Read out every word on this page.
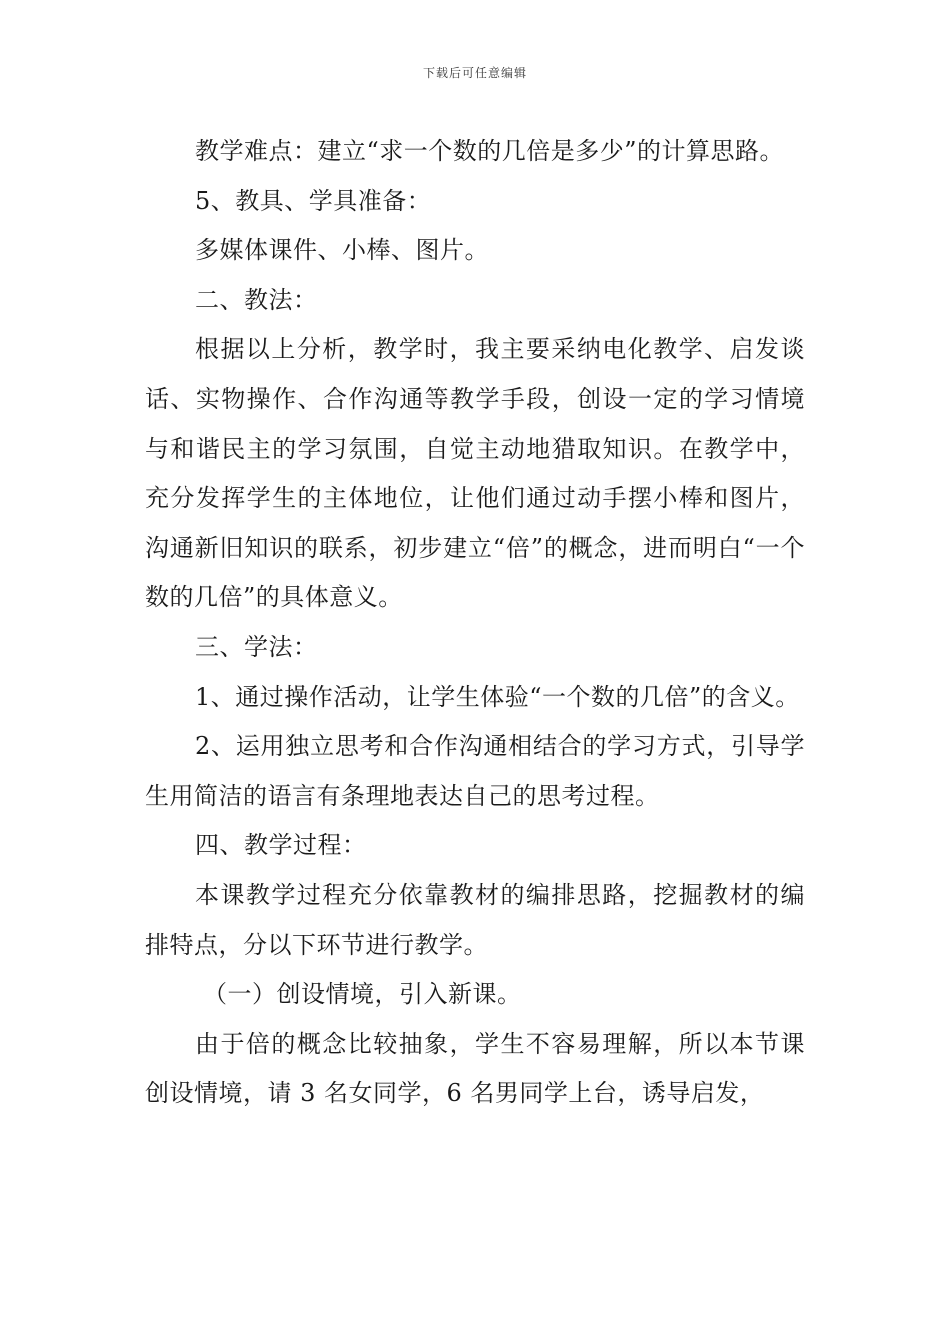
下载后可任意编辑

教学难点：建立“求一个数的几倍是多少”的计算思路。

5、教具、学具准备：

多媒体课件、小棒、图片。

二、教法：

根据以上分析，教学时，我主要采纳电化教学、启发谈话、实物操作、合作沟通等教学手段，创设一定的学习情境与和谐民主的学习氛围，自觉主动地猎取知识。在教学中，充分发挥学生的主体地位，让他们通过动手摆小棒和图片，沟通新旧知识的联系，初步建立“倍”的概念，进而明白“一个数的几倍”的具体意义。

三、学法：

1、通过操作活动，让学生体验“一个数的几倍”的含义。

2、运用独立思考和合作沟通相结合的学习方式，引导学生用简洁的语言有条理地表达自己的思考过程。

四、教学过程：

本课教学过程充分依靠教材的编排思路，挖掘教材的编排特点，分以下环节进行教学。

（一）创设情境，引入新课。

由于倍的概念比较抽象，学生不容易理解，所以本节课创设情境，请 3 名女同学，6 名男同学上台，诱导启发，
